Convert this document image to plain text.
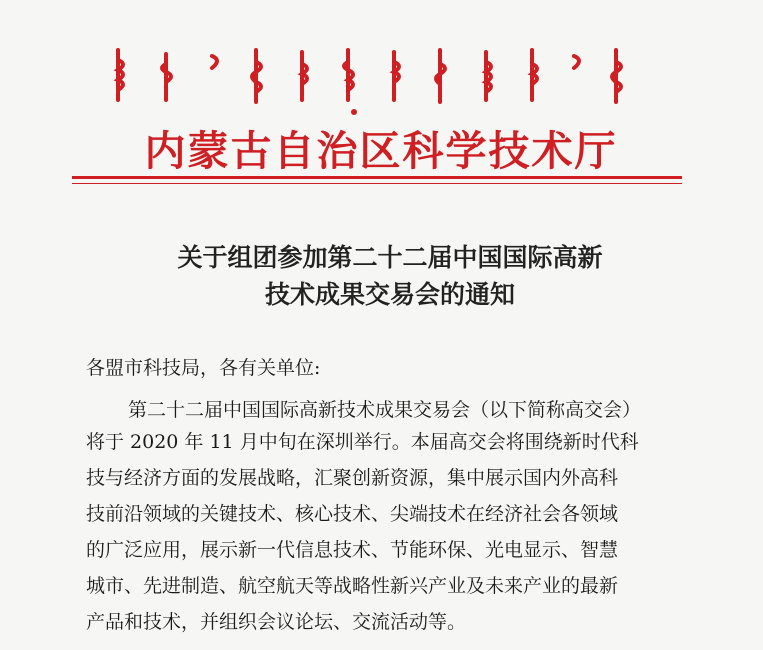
内蒙古自治区科学技术厅
关于组团参加第二十二届中国国际高新
技术成果交易会的通知
各盟市科技局，各有关单位:
第二十二届中国国际高新技术成果交易会（以下简称高交会）
将于 2020 年 11 月中旬在深圳举行。本届高交会将围绕新时代科
技与经济方面的发展战略，汇聚创新资源，集中展示国内外高科
技前沿领域的关键技术、核心技术、尖端技术在经济社会各领域
的广泛应用，展示新一代信息技术、节能环保、光电显示、智慧
城市、先进制造、航空航天等战略性新兴产业及未来产业的最新
产品和技术，并组织会议论坛、交流活动等。
